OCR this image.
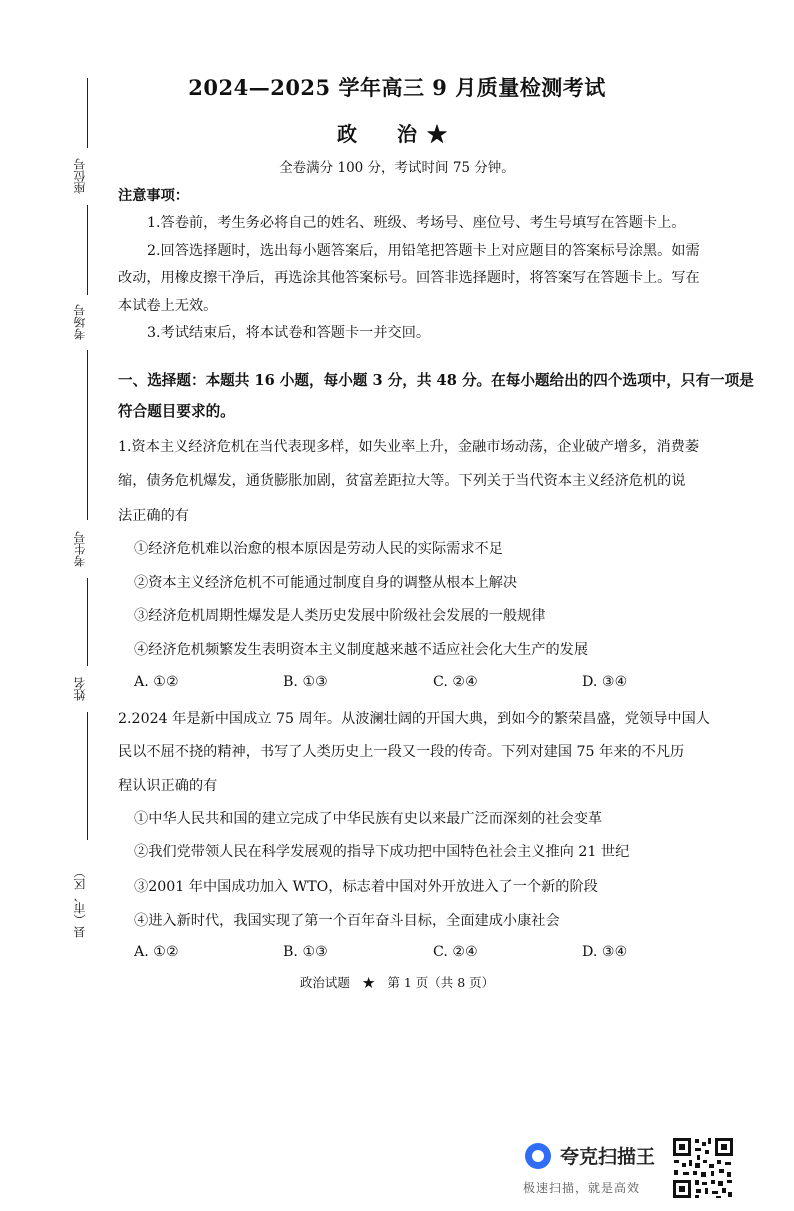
座位号
考场号
考生号
姓名
县（市、区）
2024—2025 学年高三 9 月质量检测考试
政　治★
全卷满分 100 分，考试时间 75 分钟。
注意事项：
1.答卷前，考生务必将自己的姓名、班级、考场号、座位号、考生号填写在答题卡上。
2.回答选择题时，选出每小题答案后，用铅笔把答题卡上对应题目的答案标号涂黑。如需
改动，用橡皮擦干净后，再选涂其他答案标号。回答非选择题时，将答案写在答题卡上。写在
本试卷上无效。
3.考试结束后，将本试卷和答题卡一并交回。
一、选择题：本题共 16 小题，每小题 3 分，共 48 分。在每小题给出的四个选项中，只有一项是
符合题目要求的。
1.资本主义经济危机在当代表现多样，如失业率上升，金融市场动荡，企业破产增多，消费萎
缩，债务危机爆发，通货膨胀加剧，贫富差距拉大等。下列关于当代资本主义经济危机的说
法正确的有
①经济危机难以治愈的根本原因是劳动人民的实际需求不足
②资本主义经济危机不可能通过制度自身的调整从根本上解决
③经济危机周期性爆发是人类历史发展中阶级社会发展的一般规律
④经济危机频繁发生表明资本主义制度越来越不适应社会化大生产的发展
A. ①②	B. ①③	C. ②④	D. ③④
2.2024 年是新中国成立 75 周年。从波澜壮阔的开国大典，到如今的繁荣昌盛，党领导中国人
民以不屈不挠的精神，书写了人类历史上一段又一段的传奇。下列对建国 75 年来的不凡历
程认识正确的有
①中华人民共和国的建立完成了中华民族有史以来最广泛而深刻的社会变革
②我们党带领人民在科学发展观的指导下成功把中国特色社会主义推向 21 世纪
③2001 年中国成功加入 WTO，标志着中国对外开放进入了一个新的阶段
④进入新时代，我国实现了第一个百年奋斗目标，全面建成小康社会
A. ①②	B. ①③	C. ②④	D. ③④
政治试题　★　第 1 页（共 8 页）
夸克扫描王
极速扫描，就是高效
